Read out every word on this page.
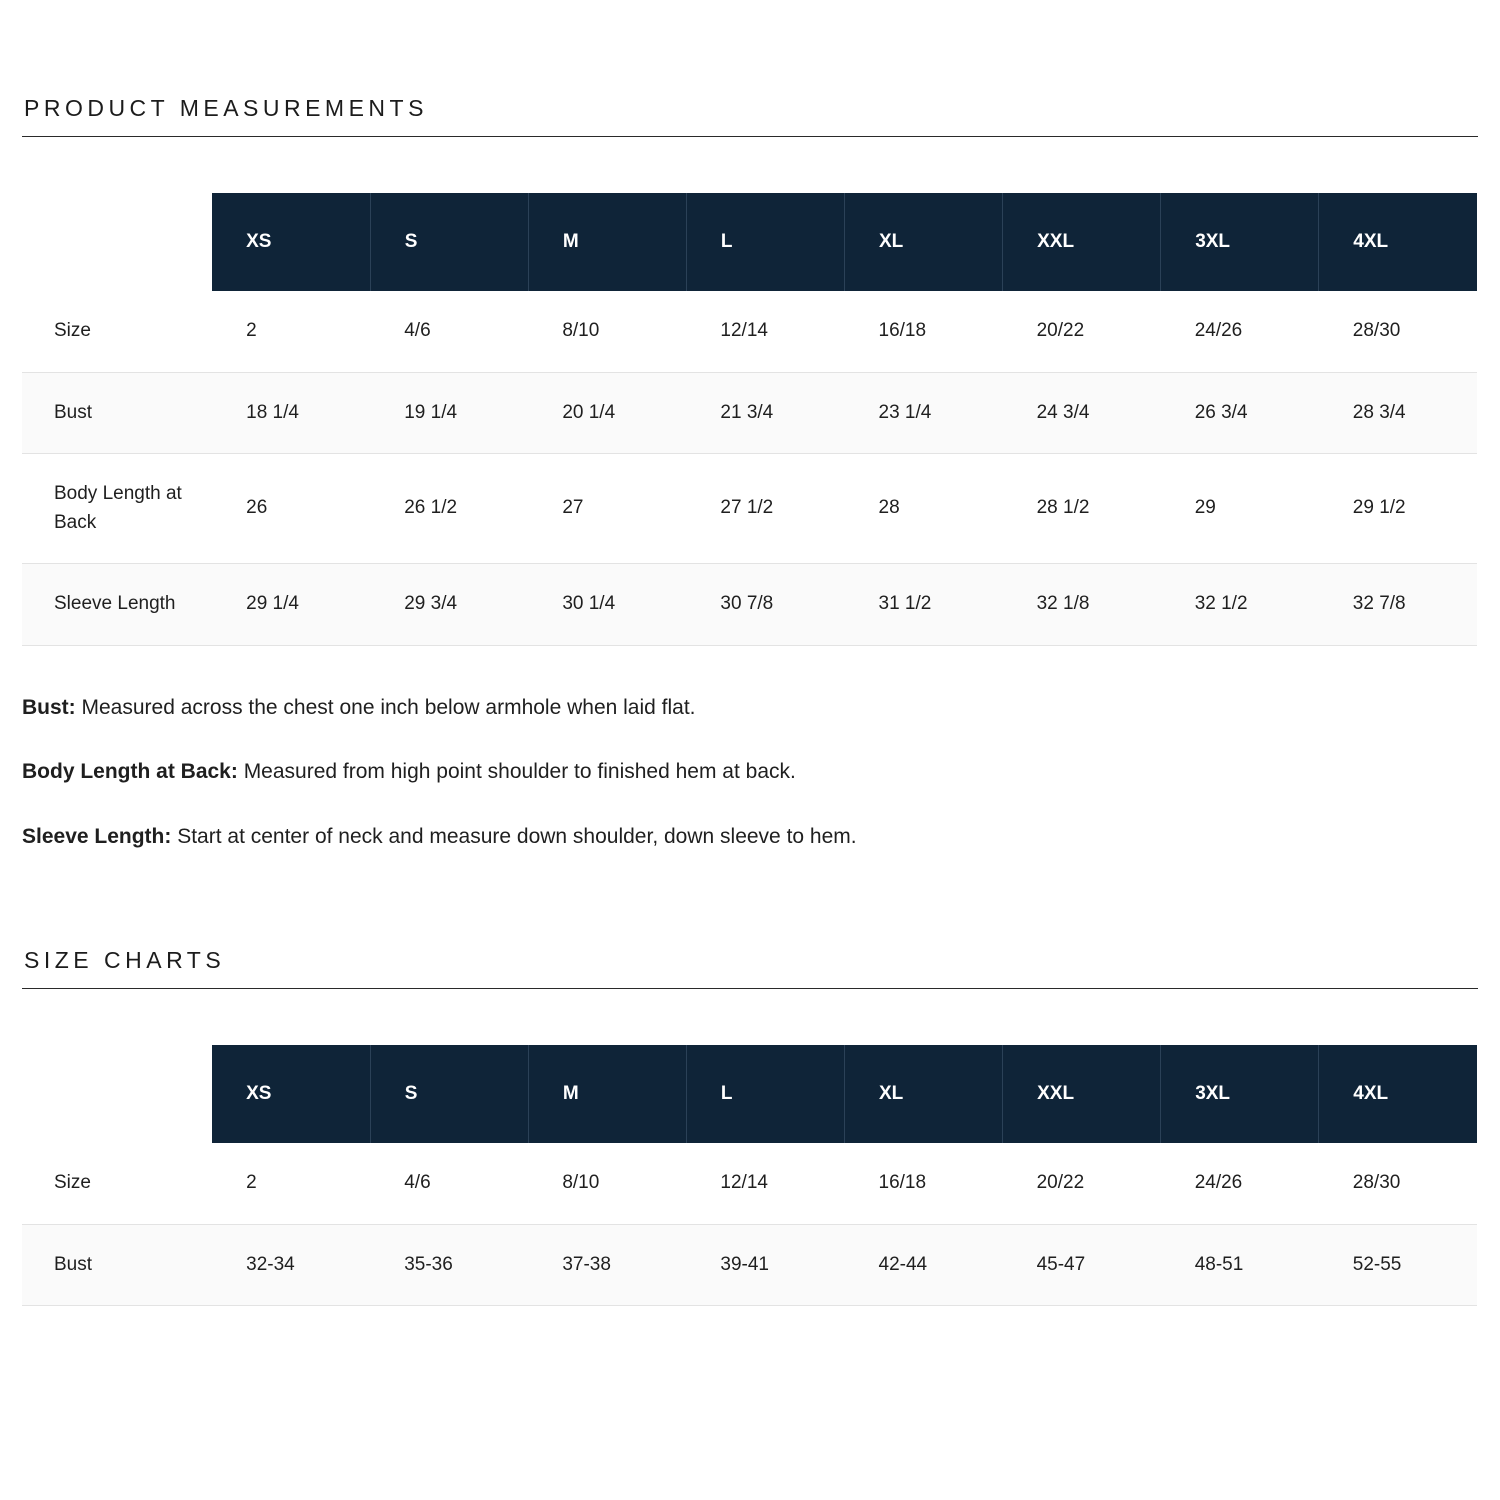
PRODUCT MEASUREMENTS
	XS	S	M	L	XL	XXL	3XL	4XL
Size	2	4/6	8/10	12/14	16/18	20/22	24/26	28/30
Bust	18 1/4	19 1/4	20 1/4	21 3/4	23 1/4	24 3/4	26 3/4	28 3/4
Body Length at Back	26	26 1/2	27	27 1/2	28	28 1/2	29	29 1/2
Sleeve Length	29 1/4	29 3/4	30 1/4	30 7/8	31 1/2	32 1/8	32 1/2	32 7/8

Bust: Measured across the chest one inch below armhole when laid flat.

Body Length at Back: Measured from high point shoulder to finished hem at back.

Sleeve Length: Start at center of neck and measure down shoulder, down sleeve to hem.

SIZE CHARTS
	XS	S	M	L	XL	XXL	3XL	4XL
Size	2	4/6	8/10	12/14	16/18	20/22	24/26	28/30
Bust	32-34	35-36	37-38	39-41	42-44	45-47	48-51	52-55
